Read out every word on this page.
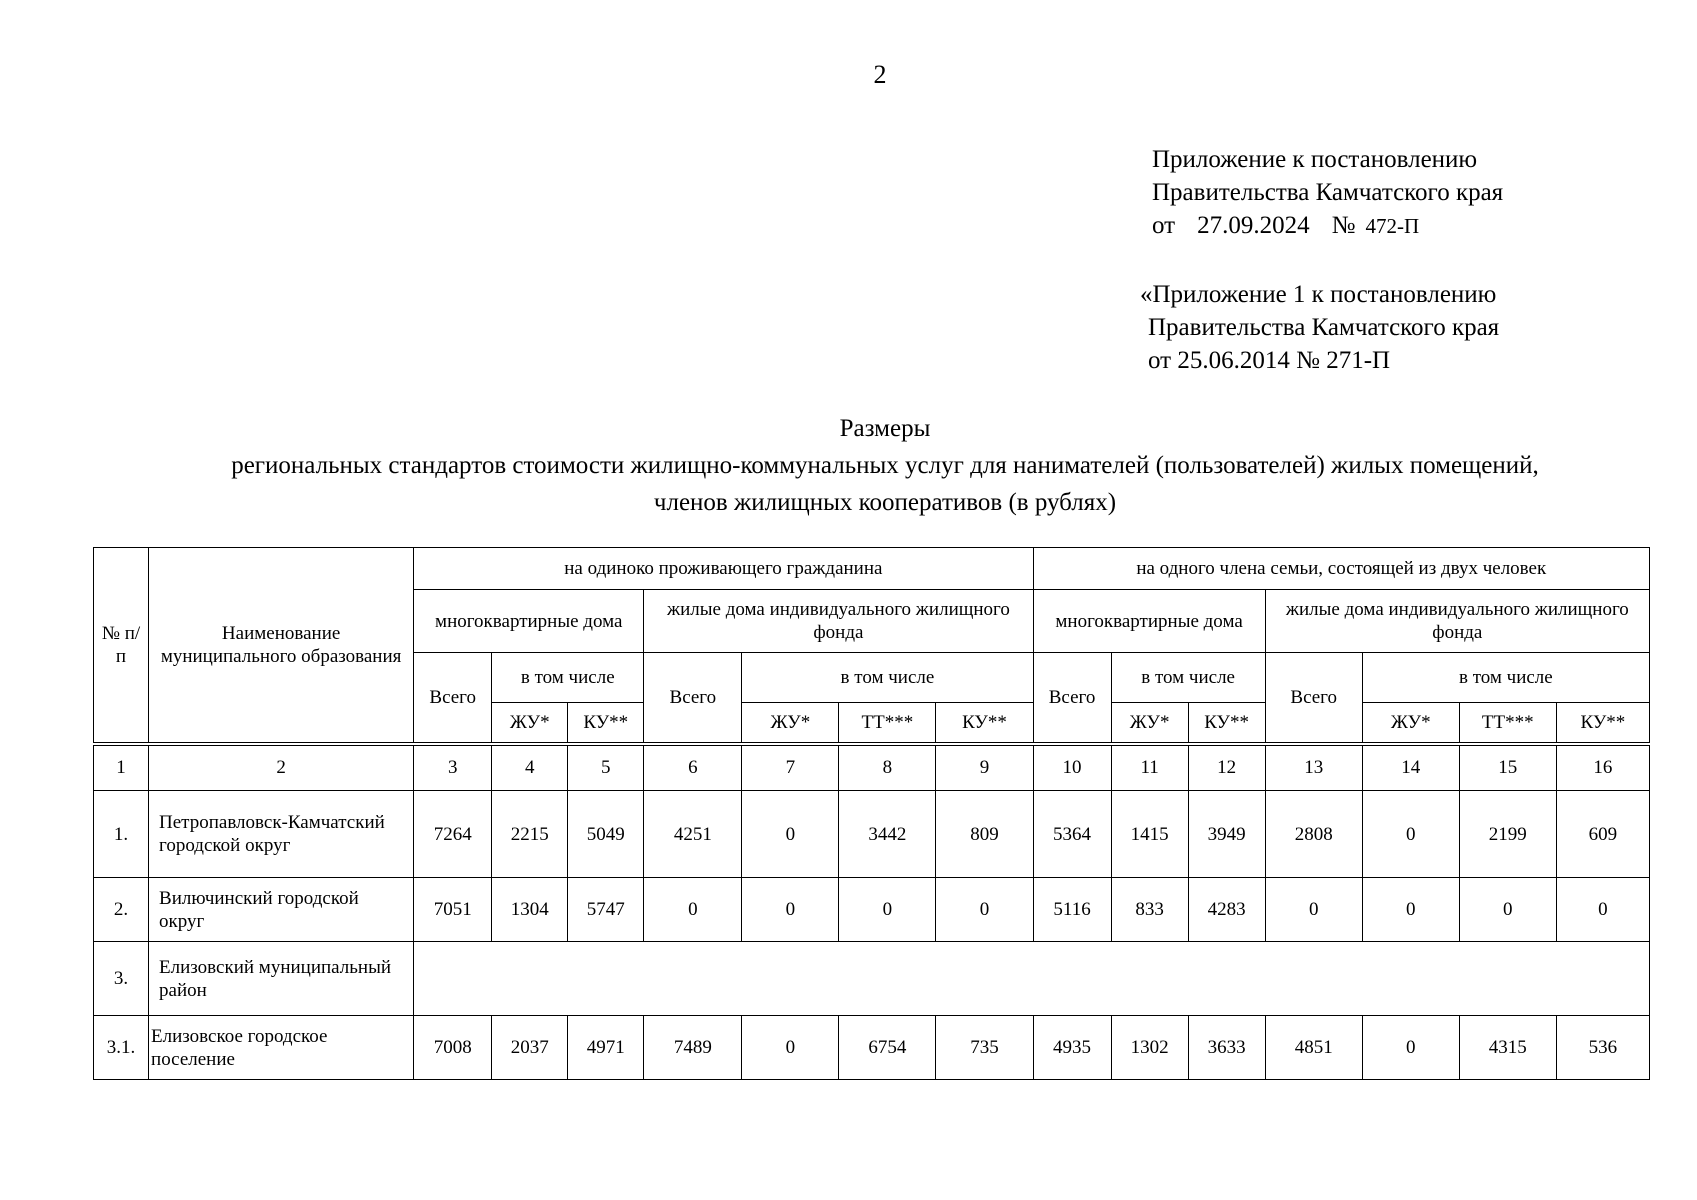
2
Приложение к постановлению
Правительства Камчатского края
от 27.09.2024 № 472-П
«Приложение 1 к постановлению
Правительства Камчатского края
от 25.06.2014 № 271-П
Размеры
региональных стандартов стоимости жилищно-коммунальных услуг для нанимателей (пользователей) жилых помещений,
членов жилищных кооперативов (в рублях)
№ п/п	Наименование муниципального образования	на одиноко проживающего гражданина							на одного члена семьи, состоящей из двух человек						
		многоквартирные дома			жилые дома индивидуального жилищного фонда				многоквартирные дома			жилые дома индивидуального жилищного фонда			
		Всего	в том числе		Всего	в том числе			Всего	в том числе		Всего	в том числе		
			ЖУ*	КУ**		ЖУ*	ТТ***	КУ**		ЖУ*	КУ**		ЖУ*	ТТ***	КУ**
1	2	3	4	5	6	7	8	9	10	11	12	13	14	15	16
1.	Петропавловск-Камчатский городской округ	7264	2215	5049	4251	0	3442	809	5364	1415	3949	2808	0	2199	609
2.	Вилючинский городской округ	7051	1304	5747	0	0	0	0	5116	833	4283	0	0	0	0
3.	Елизовский муниципальный район														
3.1.	Елизовское городское поселение	7008	2037	4971	7489	0	6754	735	4935	1302	3633	4851	0	4315	536
